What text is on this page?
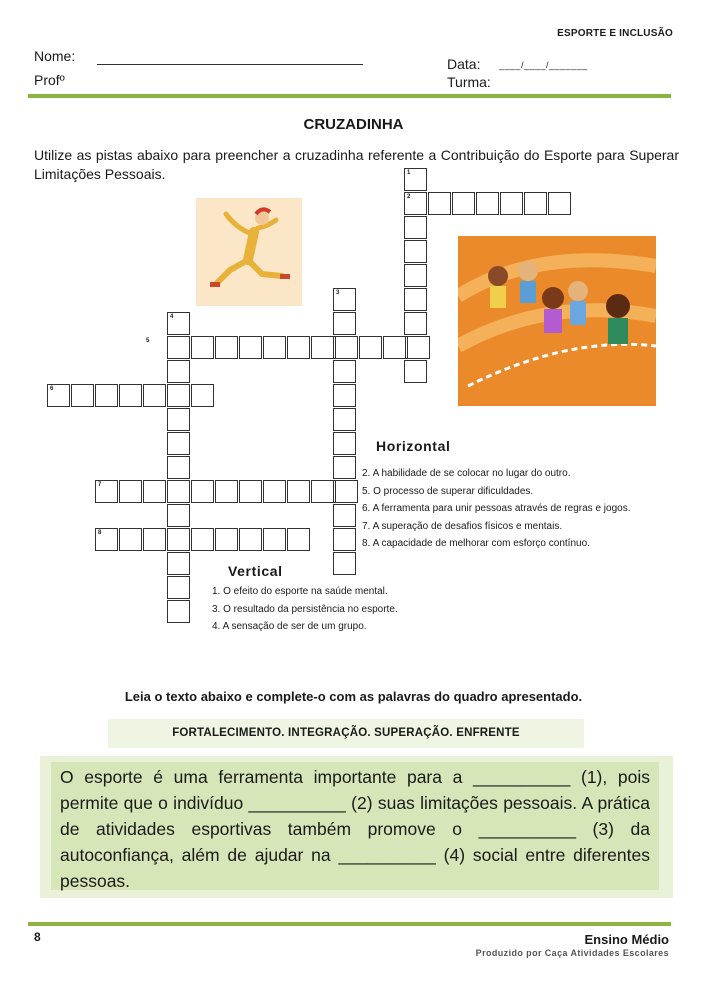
ESPORTE E INCLUSÃO
Nome:
Profº
Data: ____/____/_______
Turma:
CRUZADINHA
Utilize as pistas abaixo para preencher a cruzadinha referente a Contribuição do Esporte para Superar Limitações Pessoais.	1
2
3
4
5
6
7
8
Horizontal
2. A habilidade de se colocar no lugar do outro.
5. O processo de superar dificuldades.
6. A ferramenta para unir pessoas através de regras e jogos.
7. A superação de desafios físicos e mentais.
8. A capacidade de melhorar com esforço contínuo.
Vertical
1. O efeito do esporte na saúde mental.
3. O resultado da persistência no esporte.
4. A sensação de ser de um grupo.
Leia o texto abaixo e complete-o com as palavras do quadro apresentado.
FORTALECIMENTO. INTEGRAÇÃO. SUPERAÇÃO. ENFRENTE
O esporte é uma ferramenta importante para a __________ (1), pois permite que o indivíduo __________ (2) suas limitações pessoais. A prática de atividades esportivas também promove o __________ (3) da autoconfiança, além de ajudar na __________ (4) social entre diferentes pessoas.
8	Ensino Médio
Produzido por Caça Atividades Escolares
